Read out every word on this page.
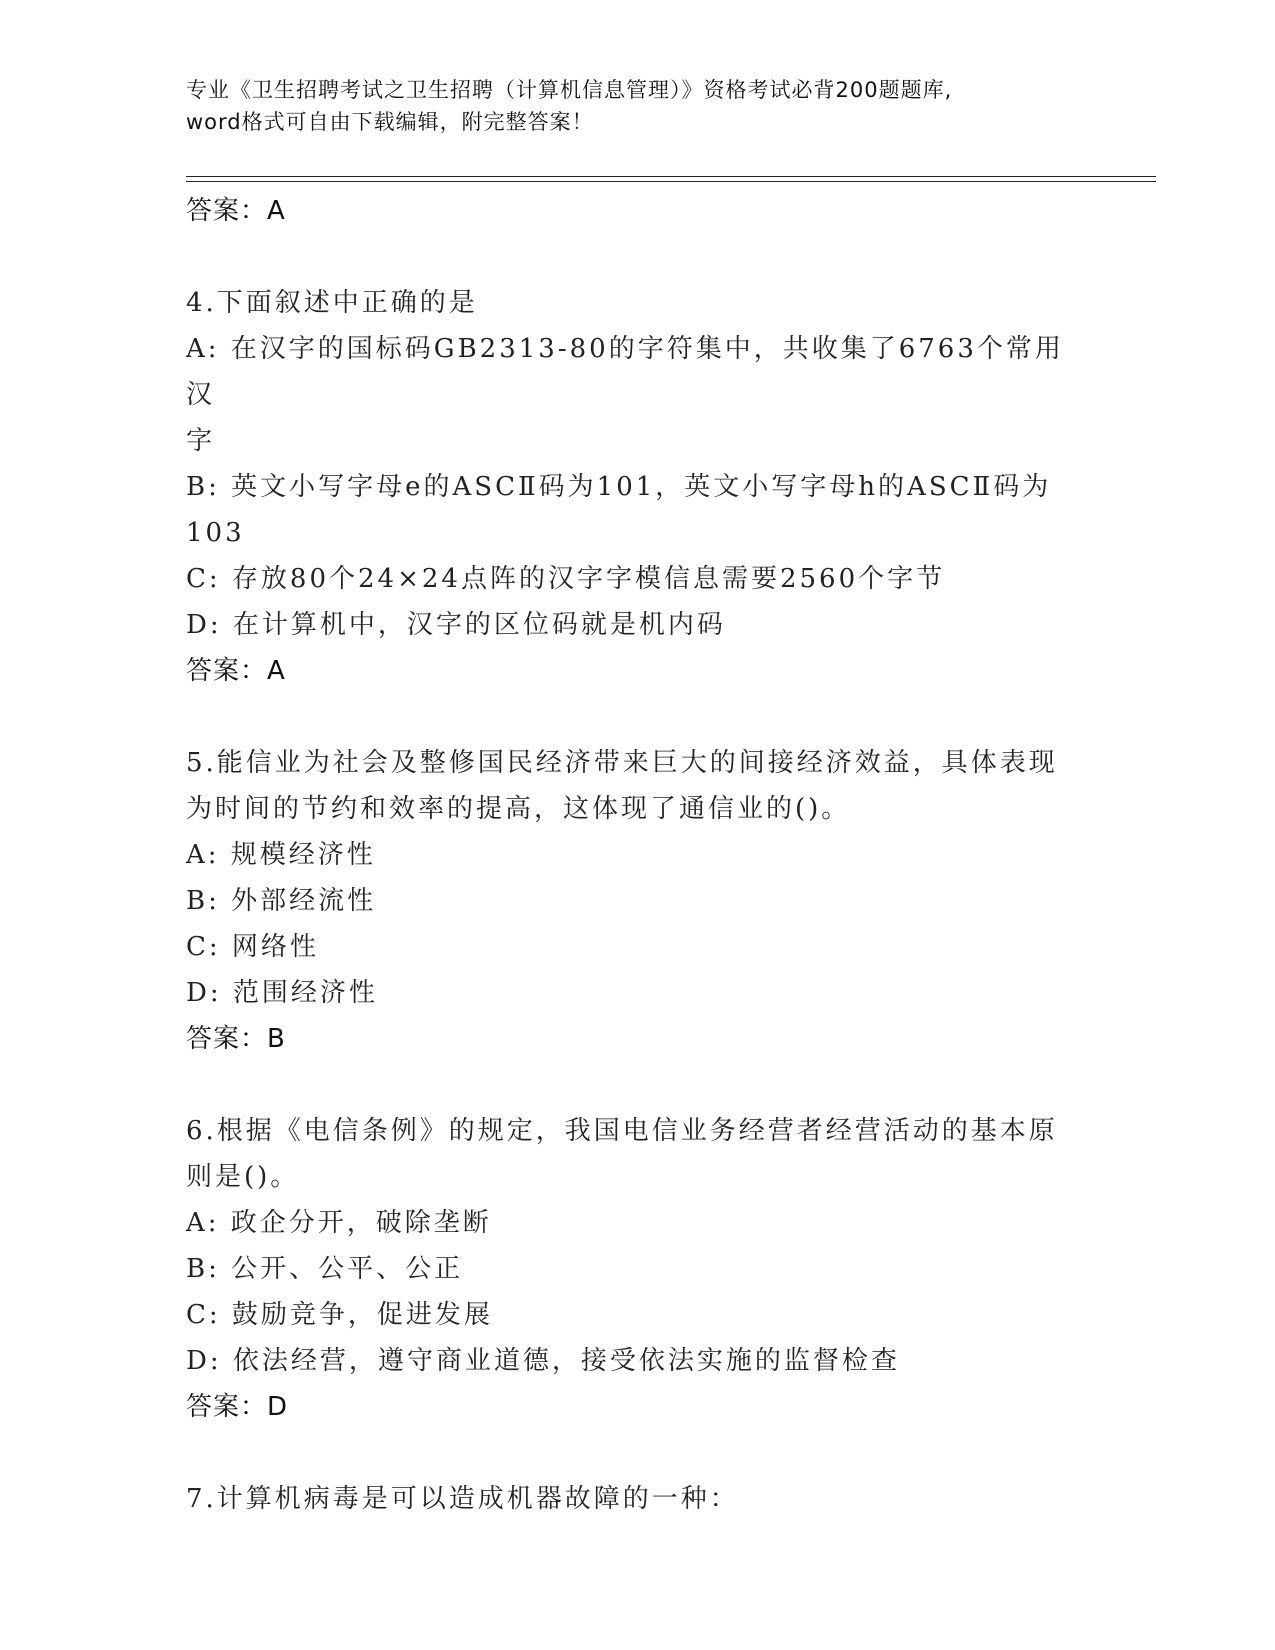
专业《卫生招聘考试之卫生招聘（计算机信息管理）》资格考试必背200题题库,
word格式可自由下载编辑，附完整答案！
答案：A
4.下面叙述中正确的是
A: 在汉字的国标码GB2313-80的字符集中，共收集了6763个常用汉
字
B: 英文小写字母e的ASCⅡ码为101，英文小写字母h的ASCⅡ码为
103
C: 存放80个24×24点阵的汉字字模信息需要2560个字节
D: 在计算机中，汉字的区位码就是机内码
答案：A
5.能信业为社会及整修国民经济带来巨大的间接经济效益，具体表现
为时间的节约和效率的提高，这体现了通信业的()。
A: 规模经济性
B: 外部经流性
C: 网络性
D: 范围经济性
答案：B
6.根据《电信条例》的规定，我国电信业务经营者经营活动的基本原
则是()。
A: 政企分开，破除垄断
B: 公开、公平、公正
C: 鼓励竞争，促进发展
D: 依法经营，遵守商业道德，接受依法实施的监督检查
答案：D
7.计算机病毒是可以造成机器故障的一种：
